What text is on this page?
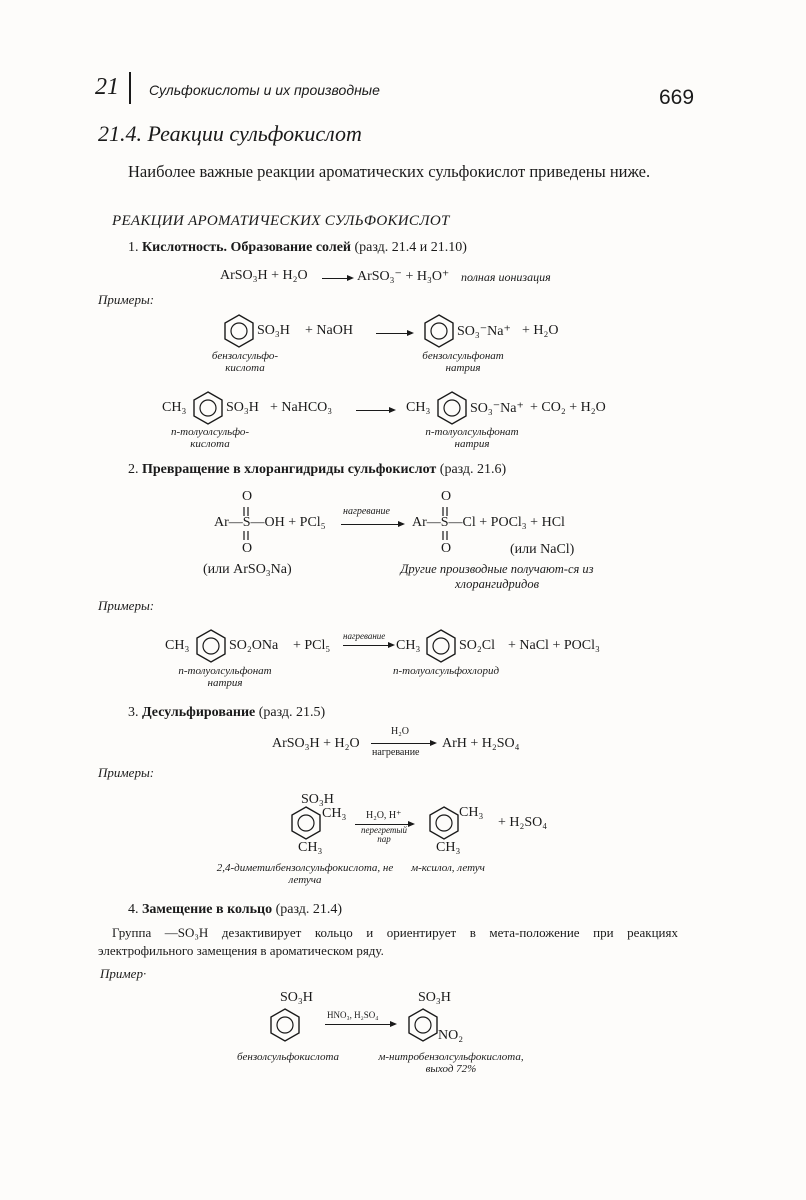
21 Сульфокислоты и их производные	669
21.4. Реакции сульфокислот
Наиболее важные реакции ароматических сульфокислот приведены ниже.
РЕАКЦИИ АРОМАТИЧЕСКИХ СУЛЬФОКИСЛОТ
1. Кислотность. Образование солей (разд. 21.4 и 21.10)
ArSO₃H + H₂O	ArSO₃⁻ + H₃O⁺ полная ионизация
Примеры:
SO₃H + NaOH	SO₃⁻Na⁺ + H₂O
бензолсульфо-кислота
бензолсульфонат натрия
CH₃	SO₃H + NaHCO₃	CH₃	SO₃⁻Na⁺ + CO₂ + H₂O
п-толуолсульфо-кислота
п-толуолсульфонат натрия
2. Превращение в хлорангидриды сульфокислот (разд. 21.6)
O	O
Ar—S—OH + PCl₅
нагревание
Ar—S—Cl + POCl₃ + HCl
O	O	(или NaCl)
(или ArSO₃Na)	Другие производные получают-ся из хлорангидридов
Примеры:
CH₃	SO₂ONa + PCl₅
нагревание
CH₃	SO₂Cl + NaCl + POCl₃
п-толуолсульфонат натрия
п-толуолсульфохлорид
3. Десульфирование (разд. 21.5)
ArSO₃H + H₂O
H₂O
нагревание
ArH + H₂SO₄
Примеры:
SO₃H
CH₃
CH₃
H₂O, H⁺
перегретый пар
CH₃
CH₃
+ H₂SO₄
2,4-диметилбензолсульфокислота, не летуча
м-ксилол, летуч
4. Замещение в кольцо (разд. 21.4)
Группа —SO₃H дезактивирует кольцо и ориентирует в мета-положение при реакциях электрофильного замещения в ароматическом ряду.
Пример·
SO₃H
HNO₃, H₂SO₄
SO₃H
NO₂
бензолсульфокислота	м-нитробензолсульфокислота, выход 72%
